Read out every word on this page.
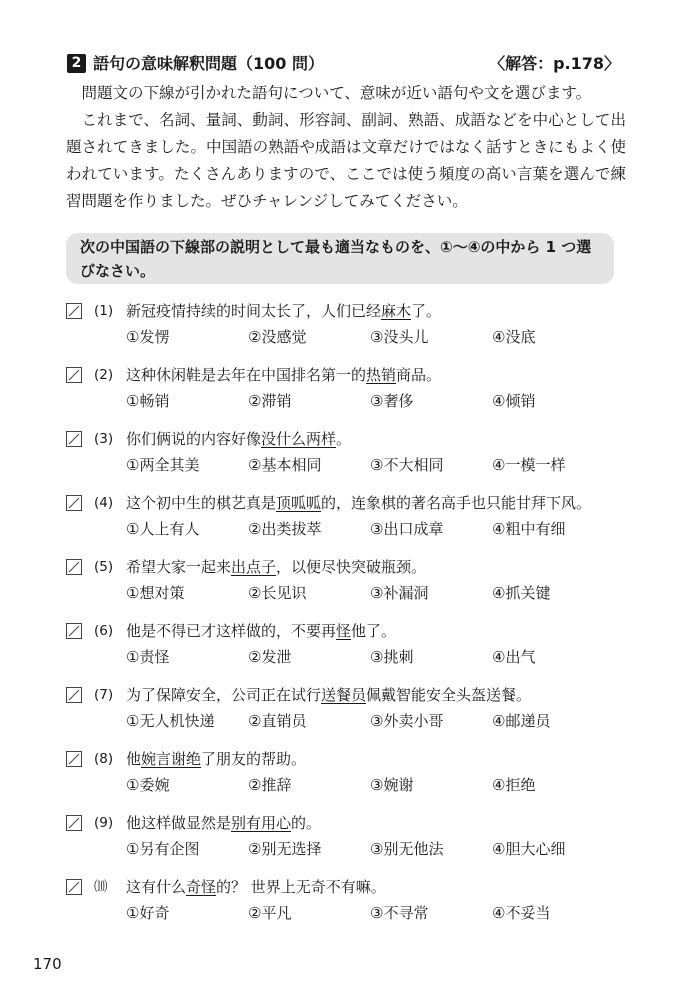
2 語句の意味解釈問題（100 問）	〈解答：p.178〉

問題文の下線が引かれた語句について、意味が近い語句や文を選びます。

これまで、名詞、量詞、動詞、形容詞、副詞、熟語、成語などを中心として出題されてきました。中国語の熟語や成語は文章だけではなく話すときにもよく使われています。たくさんありますので、ここでは使う頻度の高い言葉を選んで練習問題を作りました。ぜひチャレンジしてみてください。

次の中国語の下線部の説明として最も適当なものを、①～④の中から 1 つ選びなさい。
(1) 新冠疫情持续的时间太长了，人们已经麻木了。
①发愣	②没感觉	③没头儿	④没底
(2) 这种休闲鞋是去年在中国排名第一的热销商品。
①畅销	②滞销	③奢侈	④倾销
(3) 你们俩说的内容好像没什么两样。
①两全其美	②基本相同	③不大相同	④一模一样
(4) 这个初中生的棋艺真是顶呱呱的，连象棋的著名高手也只能甘拜下风。
①人上有人	②出类拔萃	③出口成章	④粗中有细
(5) 希望大家一起来出点子，以便尽快突破瓶颈。
①想对策	②长见识	③补漏洞	④抓关键
(6) 他是不得已才这样做的，不要再怪他了。
①责怪	②发泄	③挑刺	④出气
(7) 为了保障安全，公司正在试行送餐员佩戴智能安全头盔送餐。
①无人机快递 ②直销员	③外卖小哥	④邮递员
(8) 他婉言谢绝了朋友的帮助。
①委婉	②推辞	③婉谢	④拒绝
(9) 他这样做显然是别有用心的。
①另有企图	②别无选择	③别无他法	④胆大心细
⑽ 这有什么奇怪的？ 世界上无奇不有嘛。
①好奇	②平凡	③不寻常	④不妥当
170
